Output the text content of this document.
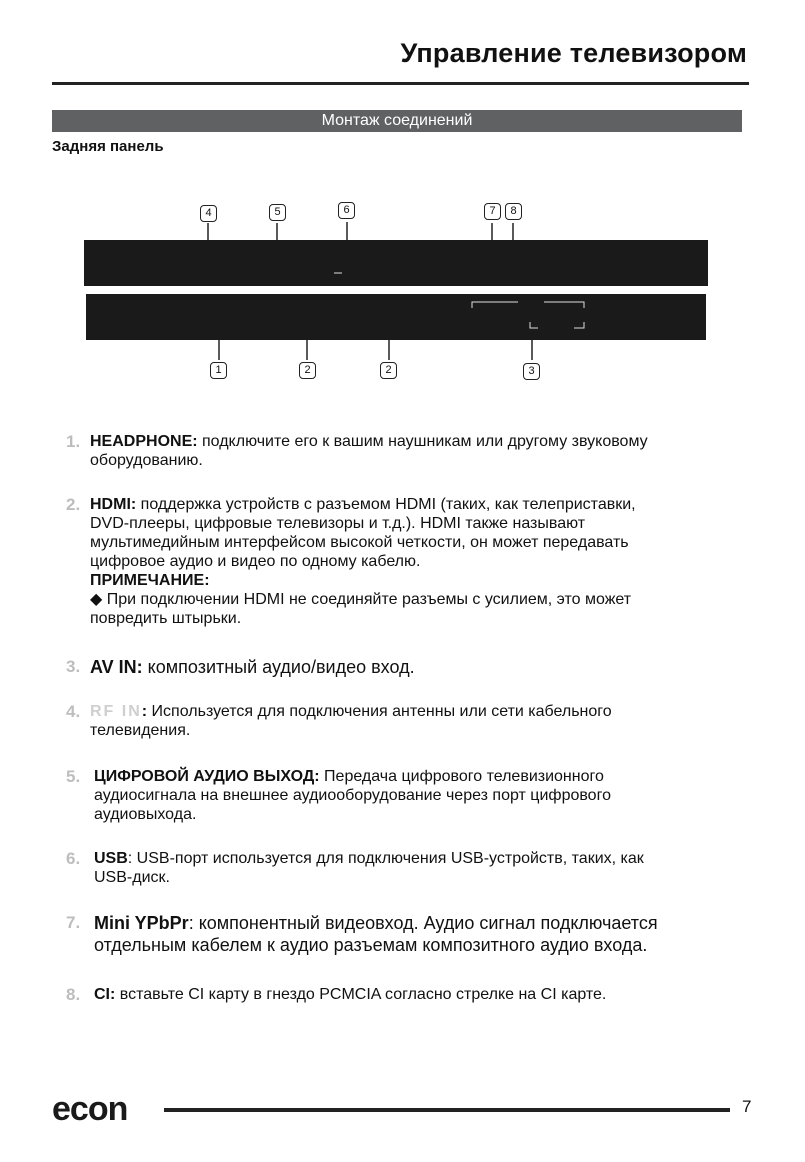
Управление телевизором
Монтаж соединений
Задняя панель
4	5	6	7	8
1	2	2	3
1. HEADPHONE: подключите его к вашим наушникам или другому звуковому
оборудованию.
2. HDMI: поддержка устройств с разъемом HDMI (таких, как телеприставки,
DVD-плееры, цифровые телевизоры и т.д.). HDMI также называют
мультимедийным интерфейсом высокой четкости, он может передавать
цифровое аудио и видео по одному кабелю.
ПРИМЕЧАНИЕ:
◆ При подключении HDMI не соединяйте разъемы с усилием, это может
повредить штырьки.
3. AV IN: композитный аудио/видео вход.
4. RF IN: Используется для подключения антенны или сети кабельного
телевидения.
5. ЦИФРОВОЙ АУДИО ВЫХОД: Передача цифрового телевизионного
аудиосигнала на внешнее аудиооборудование через порт цифрового
аудиовыхода.
6. USB: USB-порт используется для подключения USB-устройств, таких, как
USB-диск.
7. Mini YPbPr: компонентный видеовход. Аудио сигнал подключается
отдельным кабелем к аудио разъемам композитного аудио входа.
8. CI: вставьте CI карту в гнездо PCMCIA согласно стрелке на CI карте.
econ	7
